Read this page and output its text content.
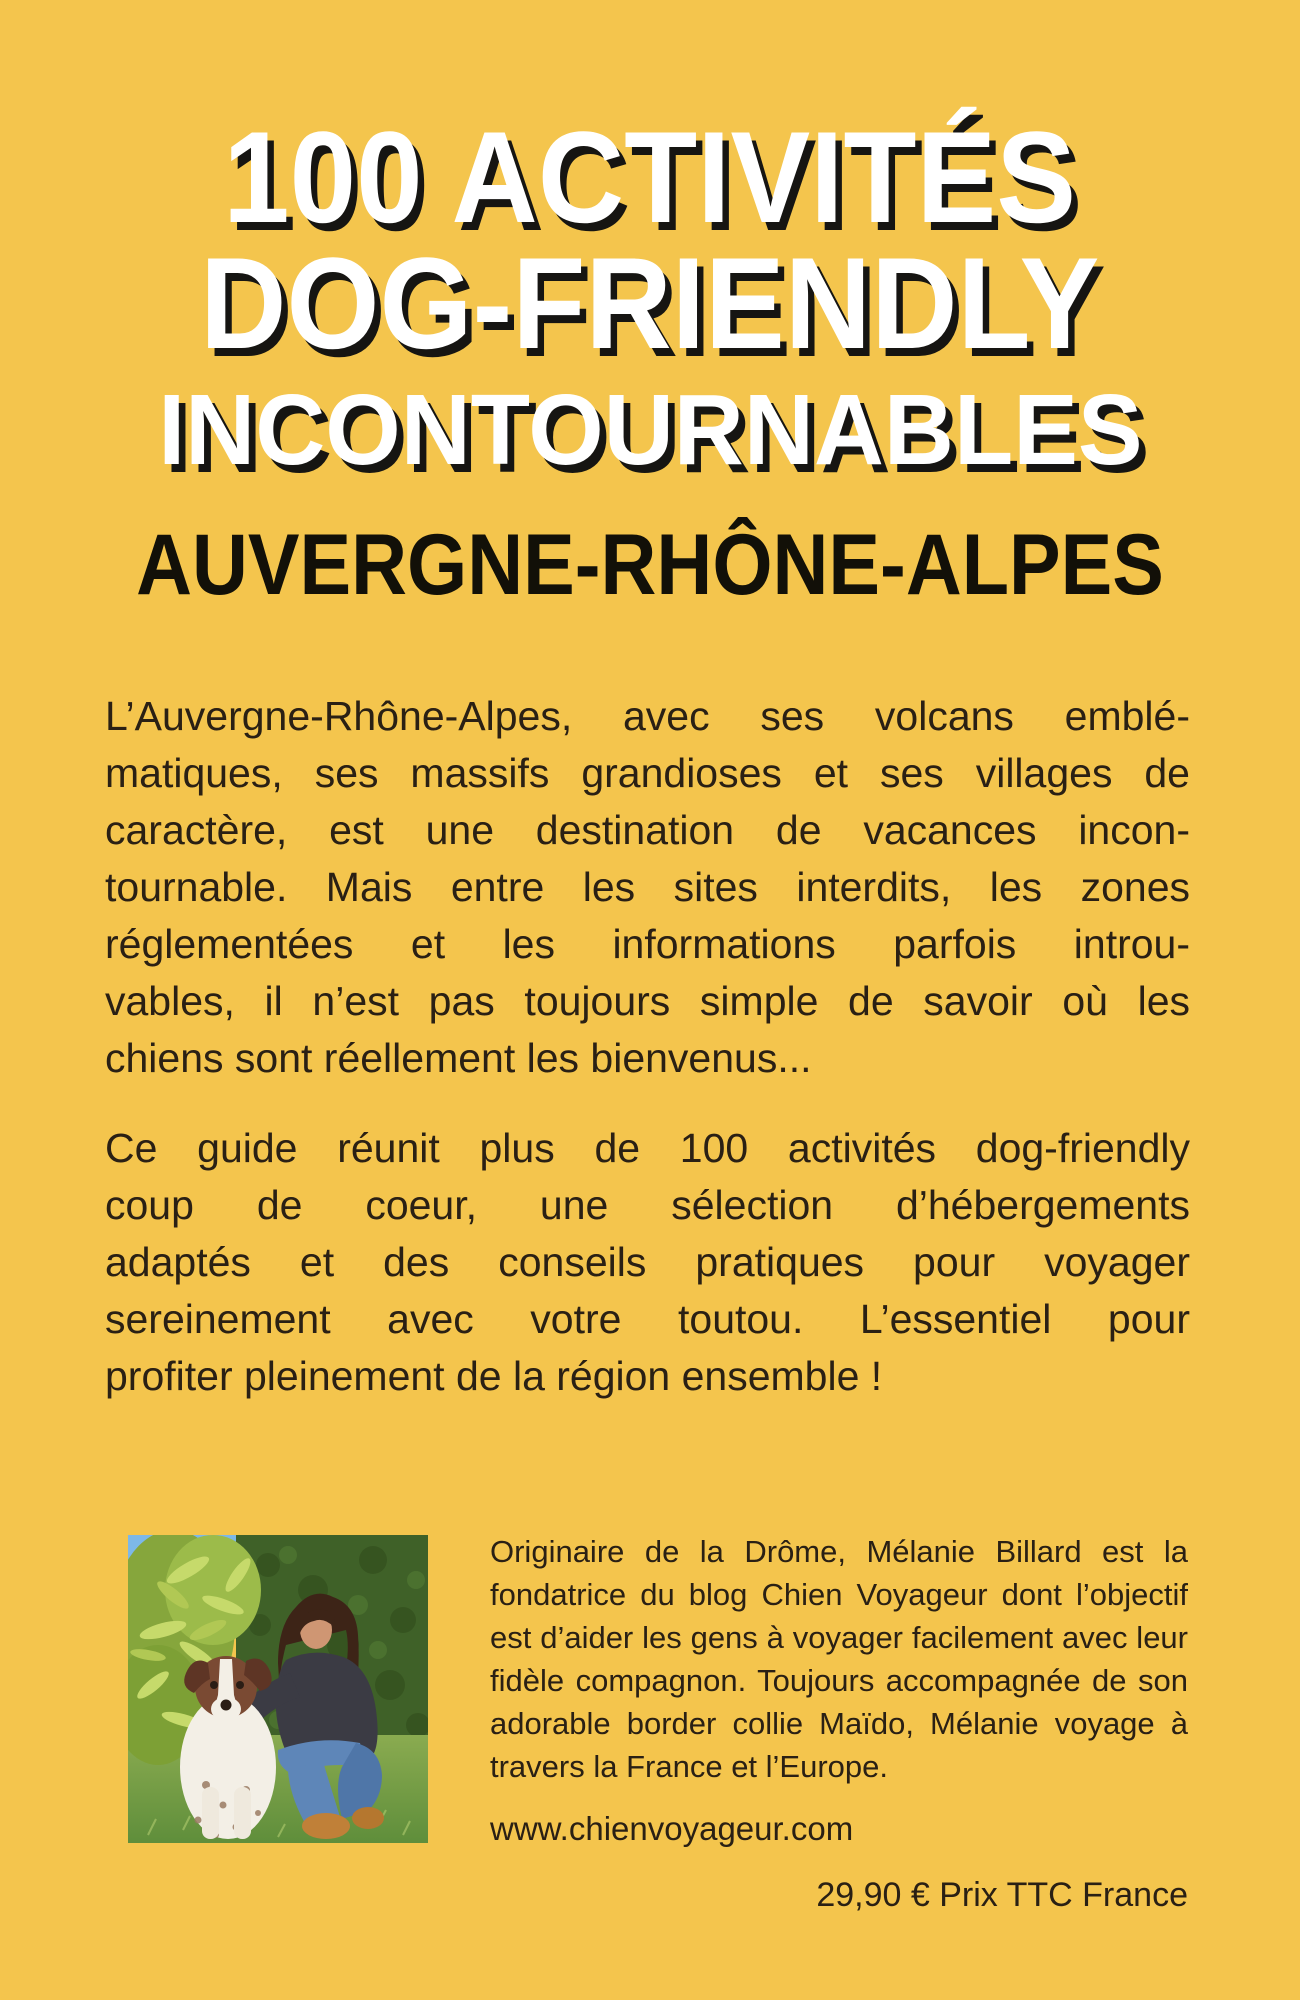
100 ACTIVITÉS
DOG-FRIENDLY
INCONTOURNABLES
AUVERGNE-RHÔNE-ALPES
L’Auvergne-Rhône-Alpes, avec ses volcans emblé-
matiques, ses massifs grandioses et ses villages de
caractère, est une destination de vacances incon-
tournable. Mais entre les sites interdits, les zones
réglementées et les informations parfois introu-
vables, il n’est pas toujours simple de savoir où les
chiens sont réellement les bienvenus...
Ce guide réunit plus de 100 activités dog-friendly
coup de coeur, une sélection d’hébergements
adaptés et des conseils pratiques pour voyager
sereinement avec votre toutou. L’essentiel pour
profiter pleinement de la région ensemble !
Originaire de la Drôme, Mélanie Billard est la
fondatrice du blog Chien Voyageur dont l’objectif
est d’aider les gens à voyager facilement avec leur
fidèle compagnon. Toujours accompagnée de son
adorable border collie Maïdo, Mélanie voyage à
travers la France et l’Europe.
www.chienvoyageur.com
29,90 € Prix TTC France
